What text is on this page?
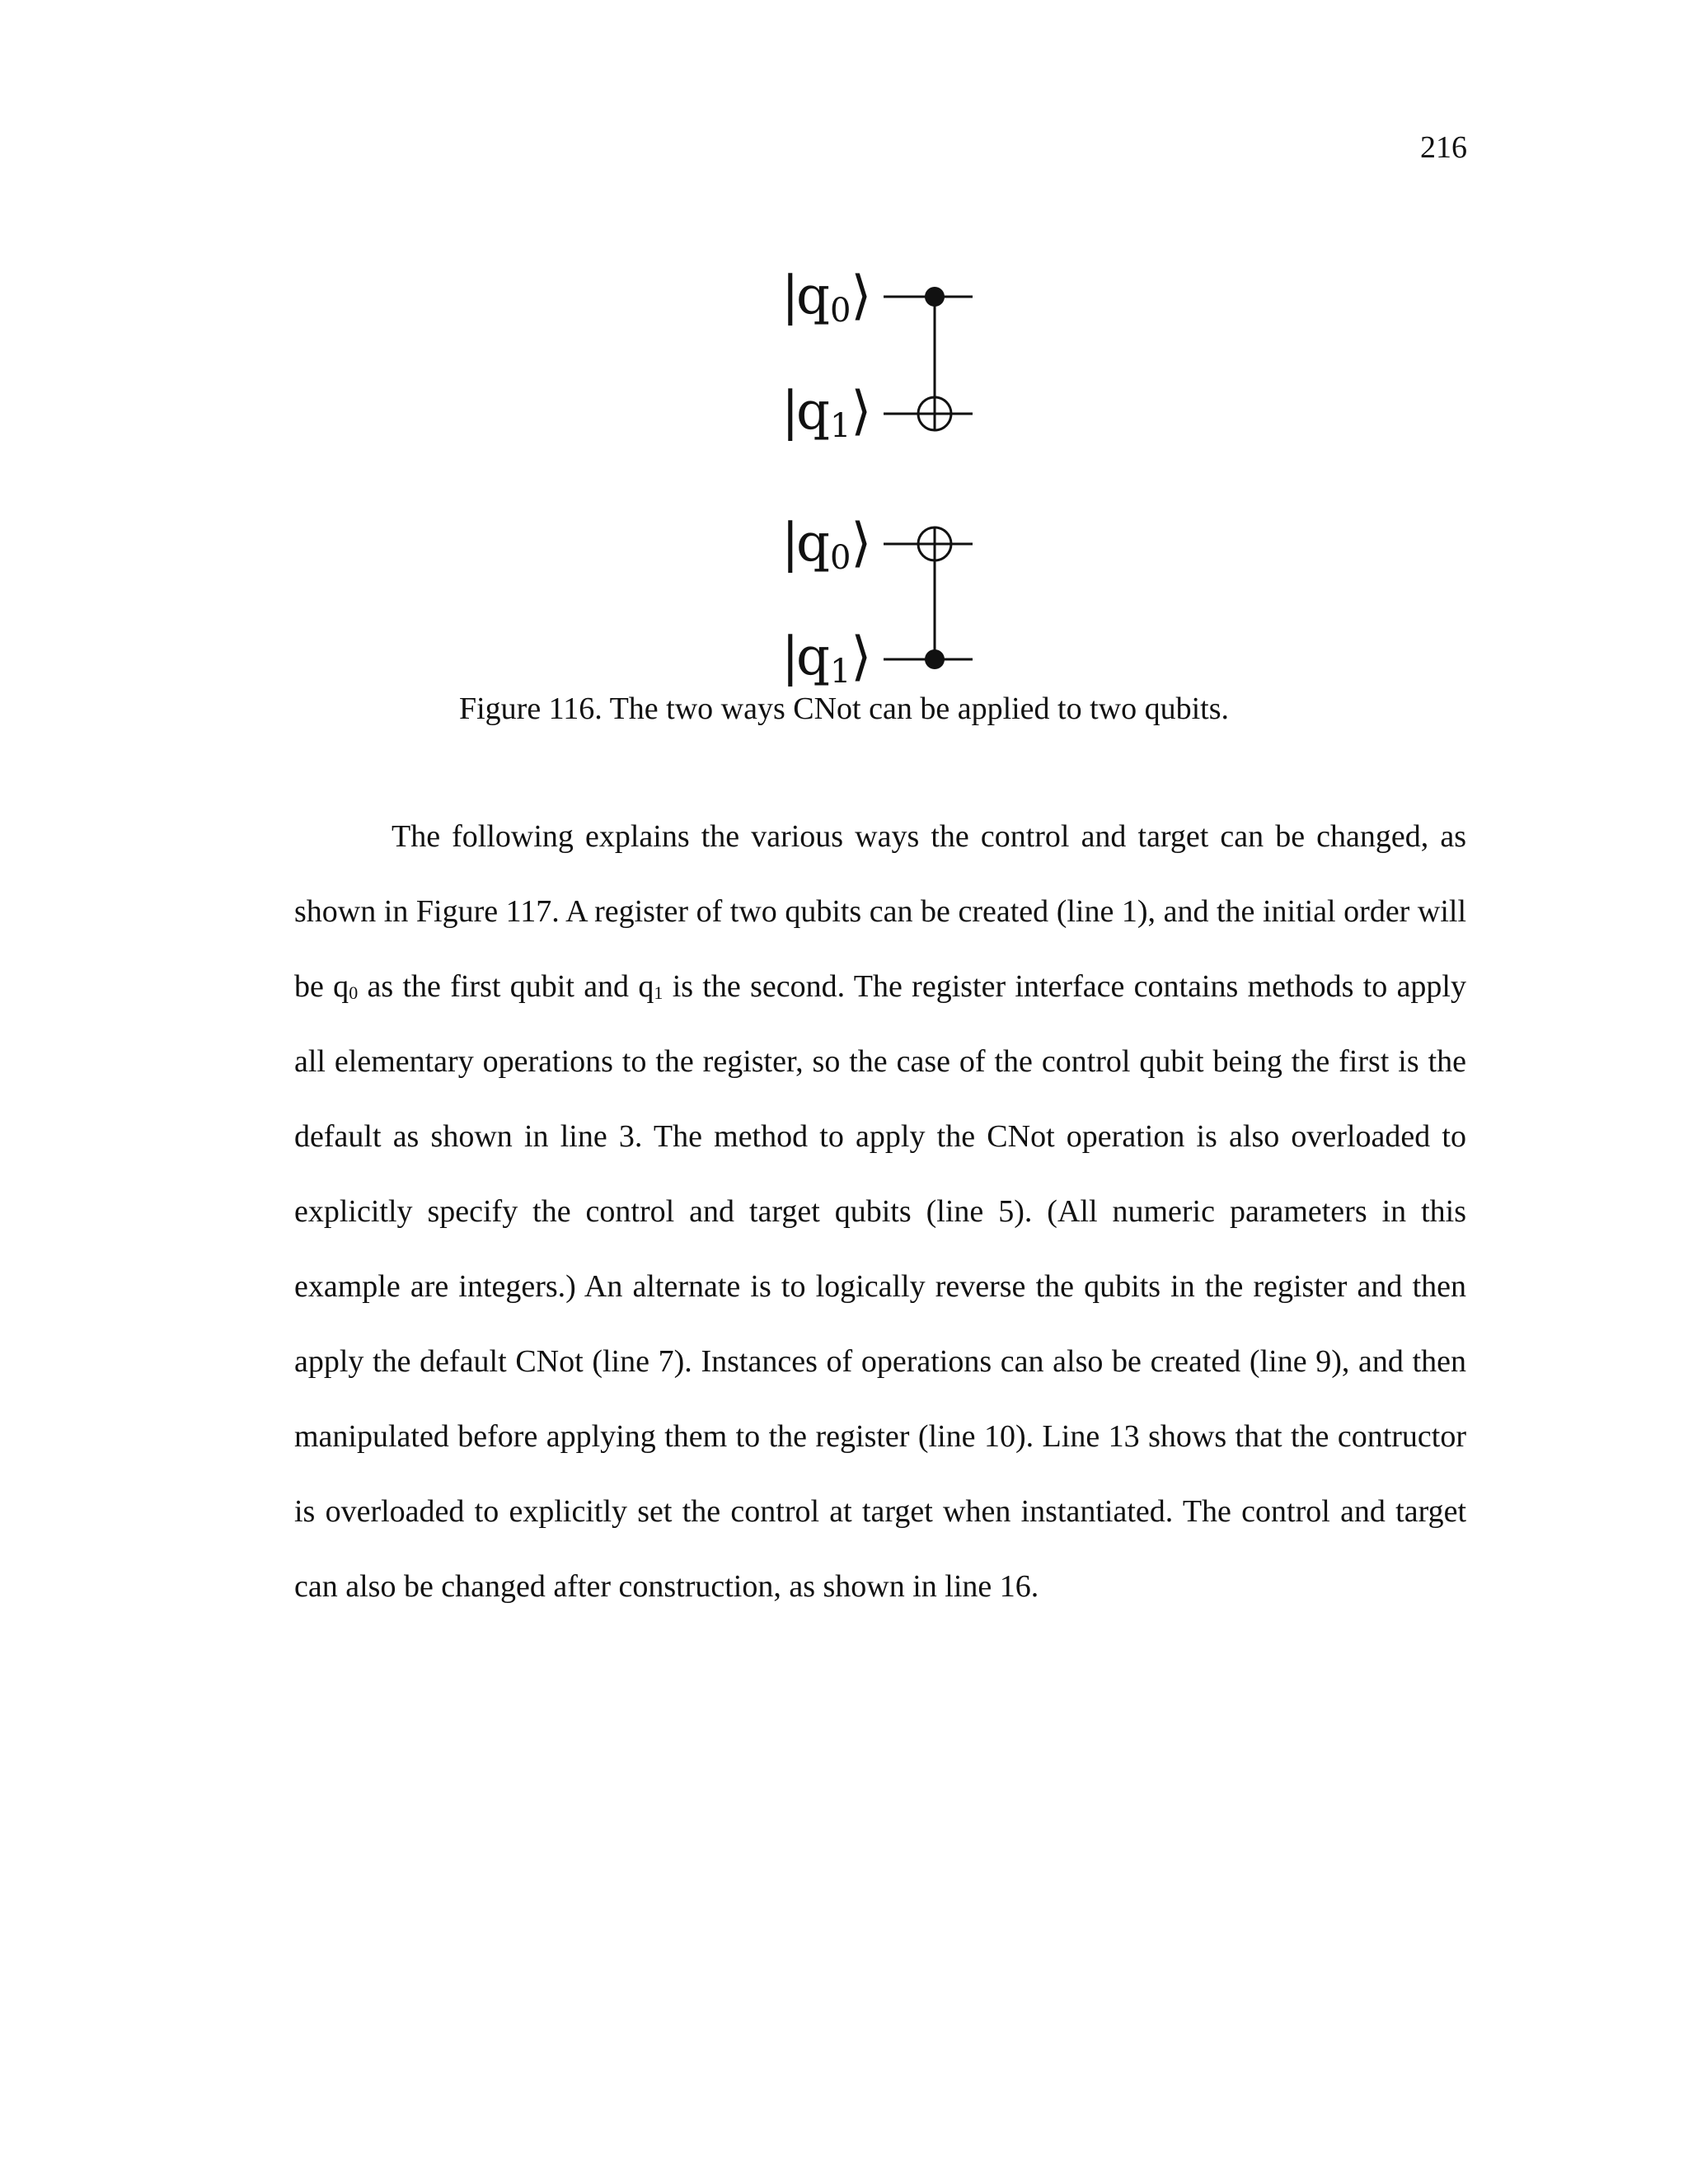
216
|
q0⟩
|
q1⟩
|
q0⟩
|
q1⟩
Figure 116. The two ways CNot can be applied to two qubits.

The following explains the various ways the control and target can be changed, as shown in Figure 117. A register of two qubits can be created (line 1), and the initial order will be $q_0$ as the first qubit and $q_1$ is the second. The register interface contains methods to apply all elementary operations to the register, so the case of the control qubit being the first is the default as shown in line 3. The method to apply the CNot operation is also overloaded to explicitly specify the control and target qubits (line 5). (All numeric parameters in this example are integers.) An alternate is to logically reverse the qubits in the register and then apply the default CNot (line 7). Instances of operations can also be created (line 9), and then manipulated before applying them to the register (line 10). Line 13 shows that the contructor is overloaded to explicitly set the control at target when instantiated. The control and target can also be changed after construction, as shown in line 16.
